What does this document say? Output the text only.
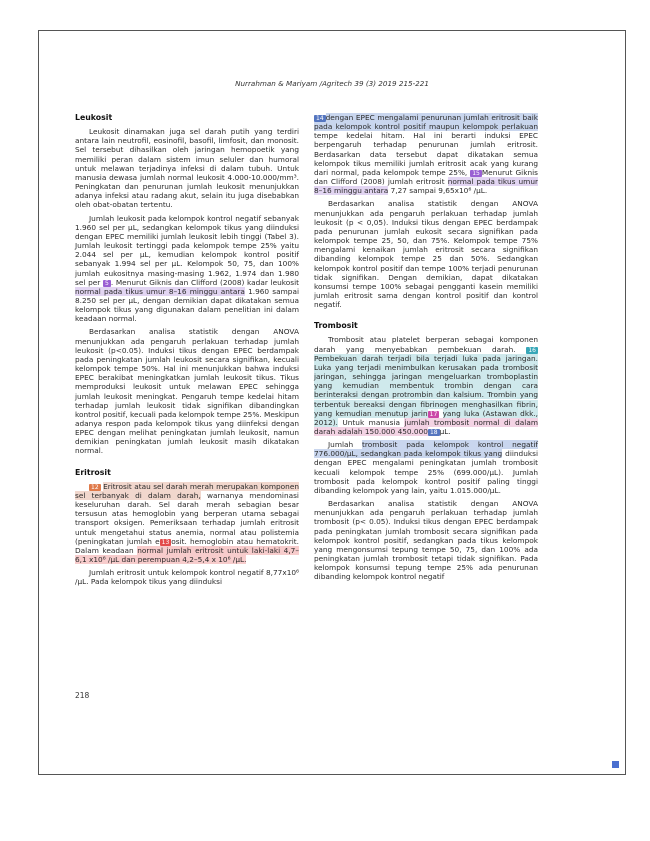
Nurrahman & Mariyam /Agritech 39 (3) 2019 215-221
Leukosit

Leukosit dinamakan juga sel darah putih yang terdiri antara lain neutrofil, eosinofil, basofil, limfosit, dan monosit. Sel tersebut dihasilkan oleh jaringan hemopoetik yang memiliki peran dalam sistem imun seluler dan humoral untuk melawan terjadinya infeksi di dalam tubuh. Untuk manusia dewasa jumlah normal leukosit 4.000-10.000/mm³. Peningkatan dan penurunan jumlah leukosit menunjukkan adanya infeksi atau radang akut, selain itu juga disebabkan oleh obat-obatan tertentu.

Jumlah leukosit pada kelompok kontrol negatif sebanyak 1.960 sel per μL, sedangkan kelompok tikus yang diinduksi dengan EPEC memiliki jumlah leukosit lebih tinggi (Tabel 3). Jumlah leukosit tertinggi pada kelompok tempe 25% yaitu 2.044 sel per μL, kemudian kelompok kontrol positif sebanyak 1.994 sel per μL. Kelompok 50, 75, dan 100% jumlah eukositnya masing-masing 1.962, 1.974 dan 1.980 sel per 5 . Menurut Giknis dan Clifford (2008) kadar leukosit normal pada tikus umur 8–16 minggu antara 1.960 sampai 8.250 sel per μL, dengan demikian dapat dikatakan semua kelompok tikus yang digunakan dalam penelitian ini dalam keadaan normal.

Berdasarkan analisa statistik dengan ANOVA menunjukkan ada pengaruh perlakuan terhadap jumlah leukosit (p<0.05). Induksi tikus dengan EPEC berdampak pada peningkatan jumlah leukosit secara signifikan, kecuali kelompok tempe 50%. Hal ini menunjukkan bahwa induksi EPEC berakibat meningkatkan jumlah leukosit tikus. Tikus memproduksi leukosit untuk melawan EPEC sehingga jumlah leukosit meningkat. Pengaruh tempe kedelai hitam terhadap jumlah leukosit tidak signifikan dibandingkan kontrol positif, kecuali pada kelompok tempe 25%. Meskipun adanya respon pada kelompok tikus yang diinfeksi dengan EPEC dengan melihat peningkatan jumlah leukosit, namun demikian peningkatan jumlah leukosit masih dikatakan normal.

Eritrosit

12 Eritrosit atau sel darah merah merupakan komponen sel terbanyak di dalam darah, warnanya mendominasi keseluruhan darah. Sel darah merah sebagian besar tersusun atas hemoglobin yang berperan utama sebagai transport oksigen. Pemeriksaan terhadap jumlah eritrosit untuk mengetahui status anemia, normal atau polistemia (peningkatan jumlah e 13 osit. hemoglobin atau hematokrit. Dalam keadaan normal jumlah eritrosit untuk laki-laki 4,7–6,1 x10⁶ /μL dan perempuan 4,2–5,4 x 10⁶ /μL.

Jumlah eritrosit untuk kelompok kontrol negatif 8,77x10⁶ /μL. Pada kelompok tikus yang diinduksi

14 dengan EPEC mengalami penurunan jumlah eritrosit baik pada kelompok kontrol positif maupun kelompok perlakuan tempe kedelai hitam. Hal ini berarti induksi EPEC berpengaruh terhadap penurunan jumlah eritrosit. Berdasarkan data tersebut dapat dikatakan semua kelompok tikus memiliki jumlah eritrosit acak yang kurang dari normal, pada kelompok tempe 25%, 15 Menurut Giknis dan Clifford (2008) jumlah eritrosit normal pada tikus umur 8–16 minggu antara 7,27 sampai 9,65x10⁶ /μL.

Berdasarkan analisa statistik dengan ANOVA menunjukkan ada pengaruh perlakuan terhadap jumlah leukosit (p < 0,05). Induksi tikus dengan EPEC berdampak pada penurunan jumlah eukosit secara signifikan pada kelompok tempe 25, 50, dan 75%. Kelompok tempe 75% mengalami kenaikan jumlah eritrosit secara signifikan dibanding kelompok tempe 25 dan 50%. Sedangkan kelompok kontrol positif dan tempe 100% terjadi penurunan tidak signifikan. Dengan demikian, dapat dikatakan konsumsi tempe 100% sebagai pengganti kasein memiliki jumlah eritrosit sama dengan kontrol positif dan kontrol negatif.

Trombosit

Trombosit atau platelet berperan sebagai komponen darah yang menyebabkan pembekuan darah. 16Pembekuan darah terjadi bila terjadi luka pada jaringan. Luka yang terjadi menimbulkan kerusakan pada trombosit jaringan, sehingga jaringan mengeluarkan tromboplastin yang kemudian membentuk trombin dengan cara berinteraksi dengan protrombin dan kalsium. Trombin yang terbentuk bereaksi dengan fibrinogen menghasilkan fibrin, yang kemudian menutup jarin 17 yang luka (Astawan dkk., 2012). Untuk manusia jumlah trombosit normal di dalam darah adalah 150.000 450.000 18 μL.

Jumlah trombosit pada kelompok kontrol negatif 776.000/μL, sedangkan pada kelompok tikus yang diinduksi dengan EPEC mengalami peningkatan jumlah trombosit kecuali kelompok tempe 25% (699.000/μL). Jumlah trombosit pada kelompok kontrol positif paling tinggi dibanding kelompok yang lain, yaitu 1.015.000/μL.

Berdasarkan analisa statistik dengan ANOVA menunjukkan ada pengaruh perlakuan terhadap jumlah trombosit (p< 0.05). Induksi tikus dengan EPEC berdampak pada peningkatan jumlah trombosit secara signifikan pada kelompok kontrol positif, sedangkan pada tikus kelompok yang mengonsumsi tepung tempe 50, 75, dan 100% ada peningkatan jumlah trombosit tetapi tidak signifikan. Pada kelompok konsumsi tepung tempe 25% ada penurunan dibanding kelompok kontrol negatif

218
